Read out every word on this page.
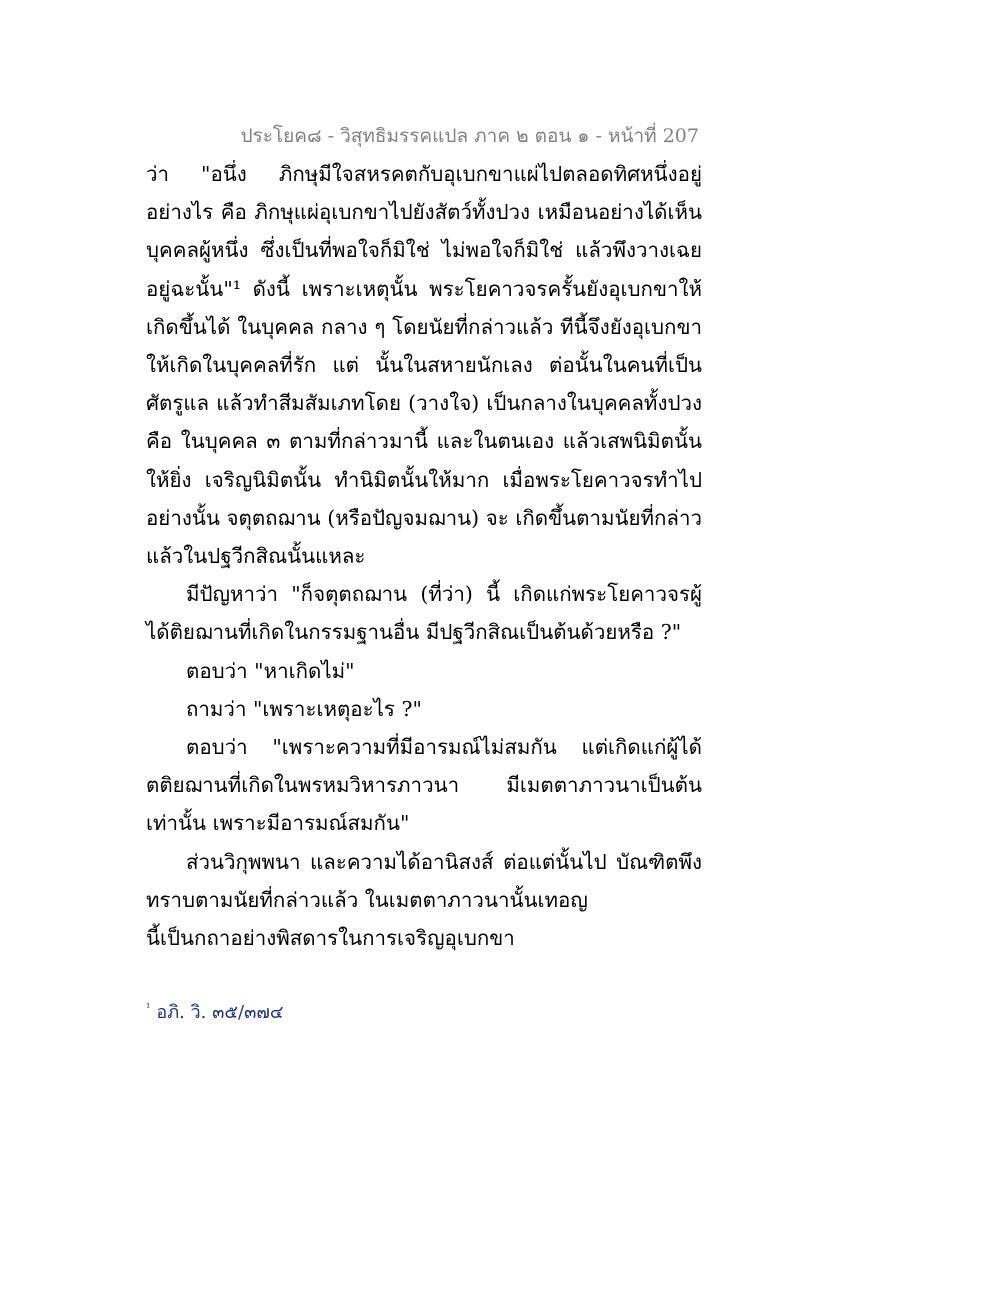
ประโยค๘ - วิสุทธิมรรคแปล ภาค ๒ ตอน ๑ - หน้าที่ 207

ว่า "อนึ่ง ภิกษุมีใจสหรคตกับอุเบกขาแผ่ไปตลอดทิศหนึ่งอยู่อย่างไร คือ ภิกษุแผ่อุเบกขาไปยังสัตว์ทั้งปวง เหมือนอย่างได้เห็นบุคคลผู้หนึ่ง ซึ่งเป็นที่พอใจก็มิใช่ ไม่พอใจก็มิใช่ แล้วพึงวางเฉยอยู่ฉะนั้น"¹ ดังนี้ เพราะเหตุนั้น พระโยคาวจรครั้นยังอุเบกขาให้เกิดขึ้นได้ ในบุคคล กลาง ๆ โดยนัยที่กล่าวแล้ว ทีนี้จึงยังอุเบกขาให้เกิดในบุคคลที่รัก แต่ นั้นในสหายนักเลง ต่อนั้นในคนที่เป็นศัตรูแล แล้วทำสีมสัมเภทโดย (วางใจ) เป็นกลางในบุคคลทั้งปวงคือ ในบุคคล ๓ ตามที่กล่าวมานี้ และในตนเอง แล้วเสพนิมิตนั้นให้ยิ่ง เจริญนิมิตนั้น ทำนิมิตนั้นให้มาก เมื่อพระโยคาวจรทำไปอย่างนั้น จตุตถฌาน (หรือปัญจมฌาน) จะ เกิดขึ้นตามนัยที่กล่าวแล้วในปฐวีกสิณนั้นแหละ

มีปัญหาว่า "ก็จตุตถฌาน (ที่ว่า) นี้ เกิดแก่พระโยคาวจรผู้ ได้ติยฌานที่เกิดในกรรมฐานอื่น มีปฐวีกสิณเป็นต้นด้วยหรือ ?"

ตอบว่า "หาเกิดไม่"

ถามว่า "เพราะเหตุอะไร ?"

ตอบว่า "เพราะความที่มีอารมณ์ไม่สมกัน แต่เกิดแก่ผู้ได้ ตติยฌานที่เกิดในพรหมวิหารภาวนา มีเมตตาภาวนาเป็นต้นเท่านั้น เพราะมีอารมณ์สมกัน"

ส่วนวิกุพพนา และความได้อานิสงส์ ต่อแต่นั้นไป บัณฑิตพึง ทราบตามนัยที่กล่าวแล้ว ในเมตตาภาวนานั้นเทอญ

นี้เป็นกถาอย่างพิสดารในการเจริญอุเบกขา

$^{^1}$ อภิ. วิ. ๓๕/๓๗๔
